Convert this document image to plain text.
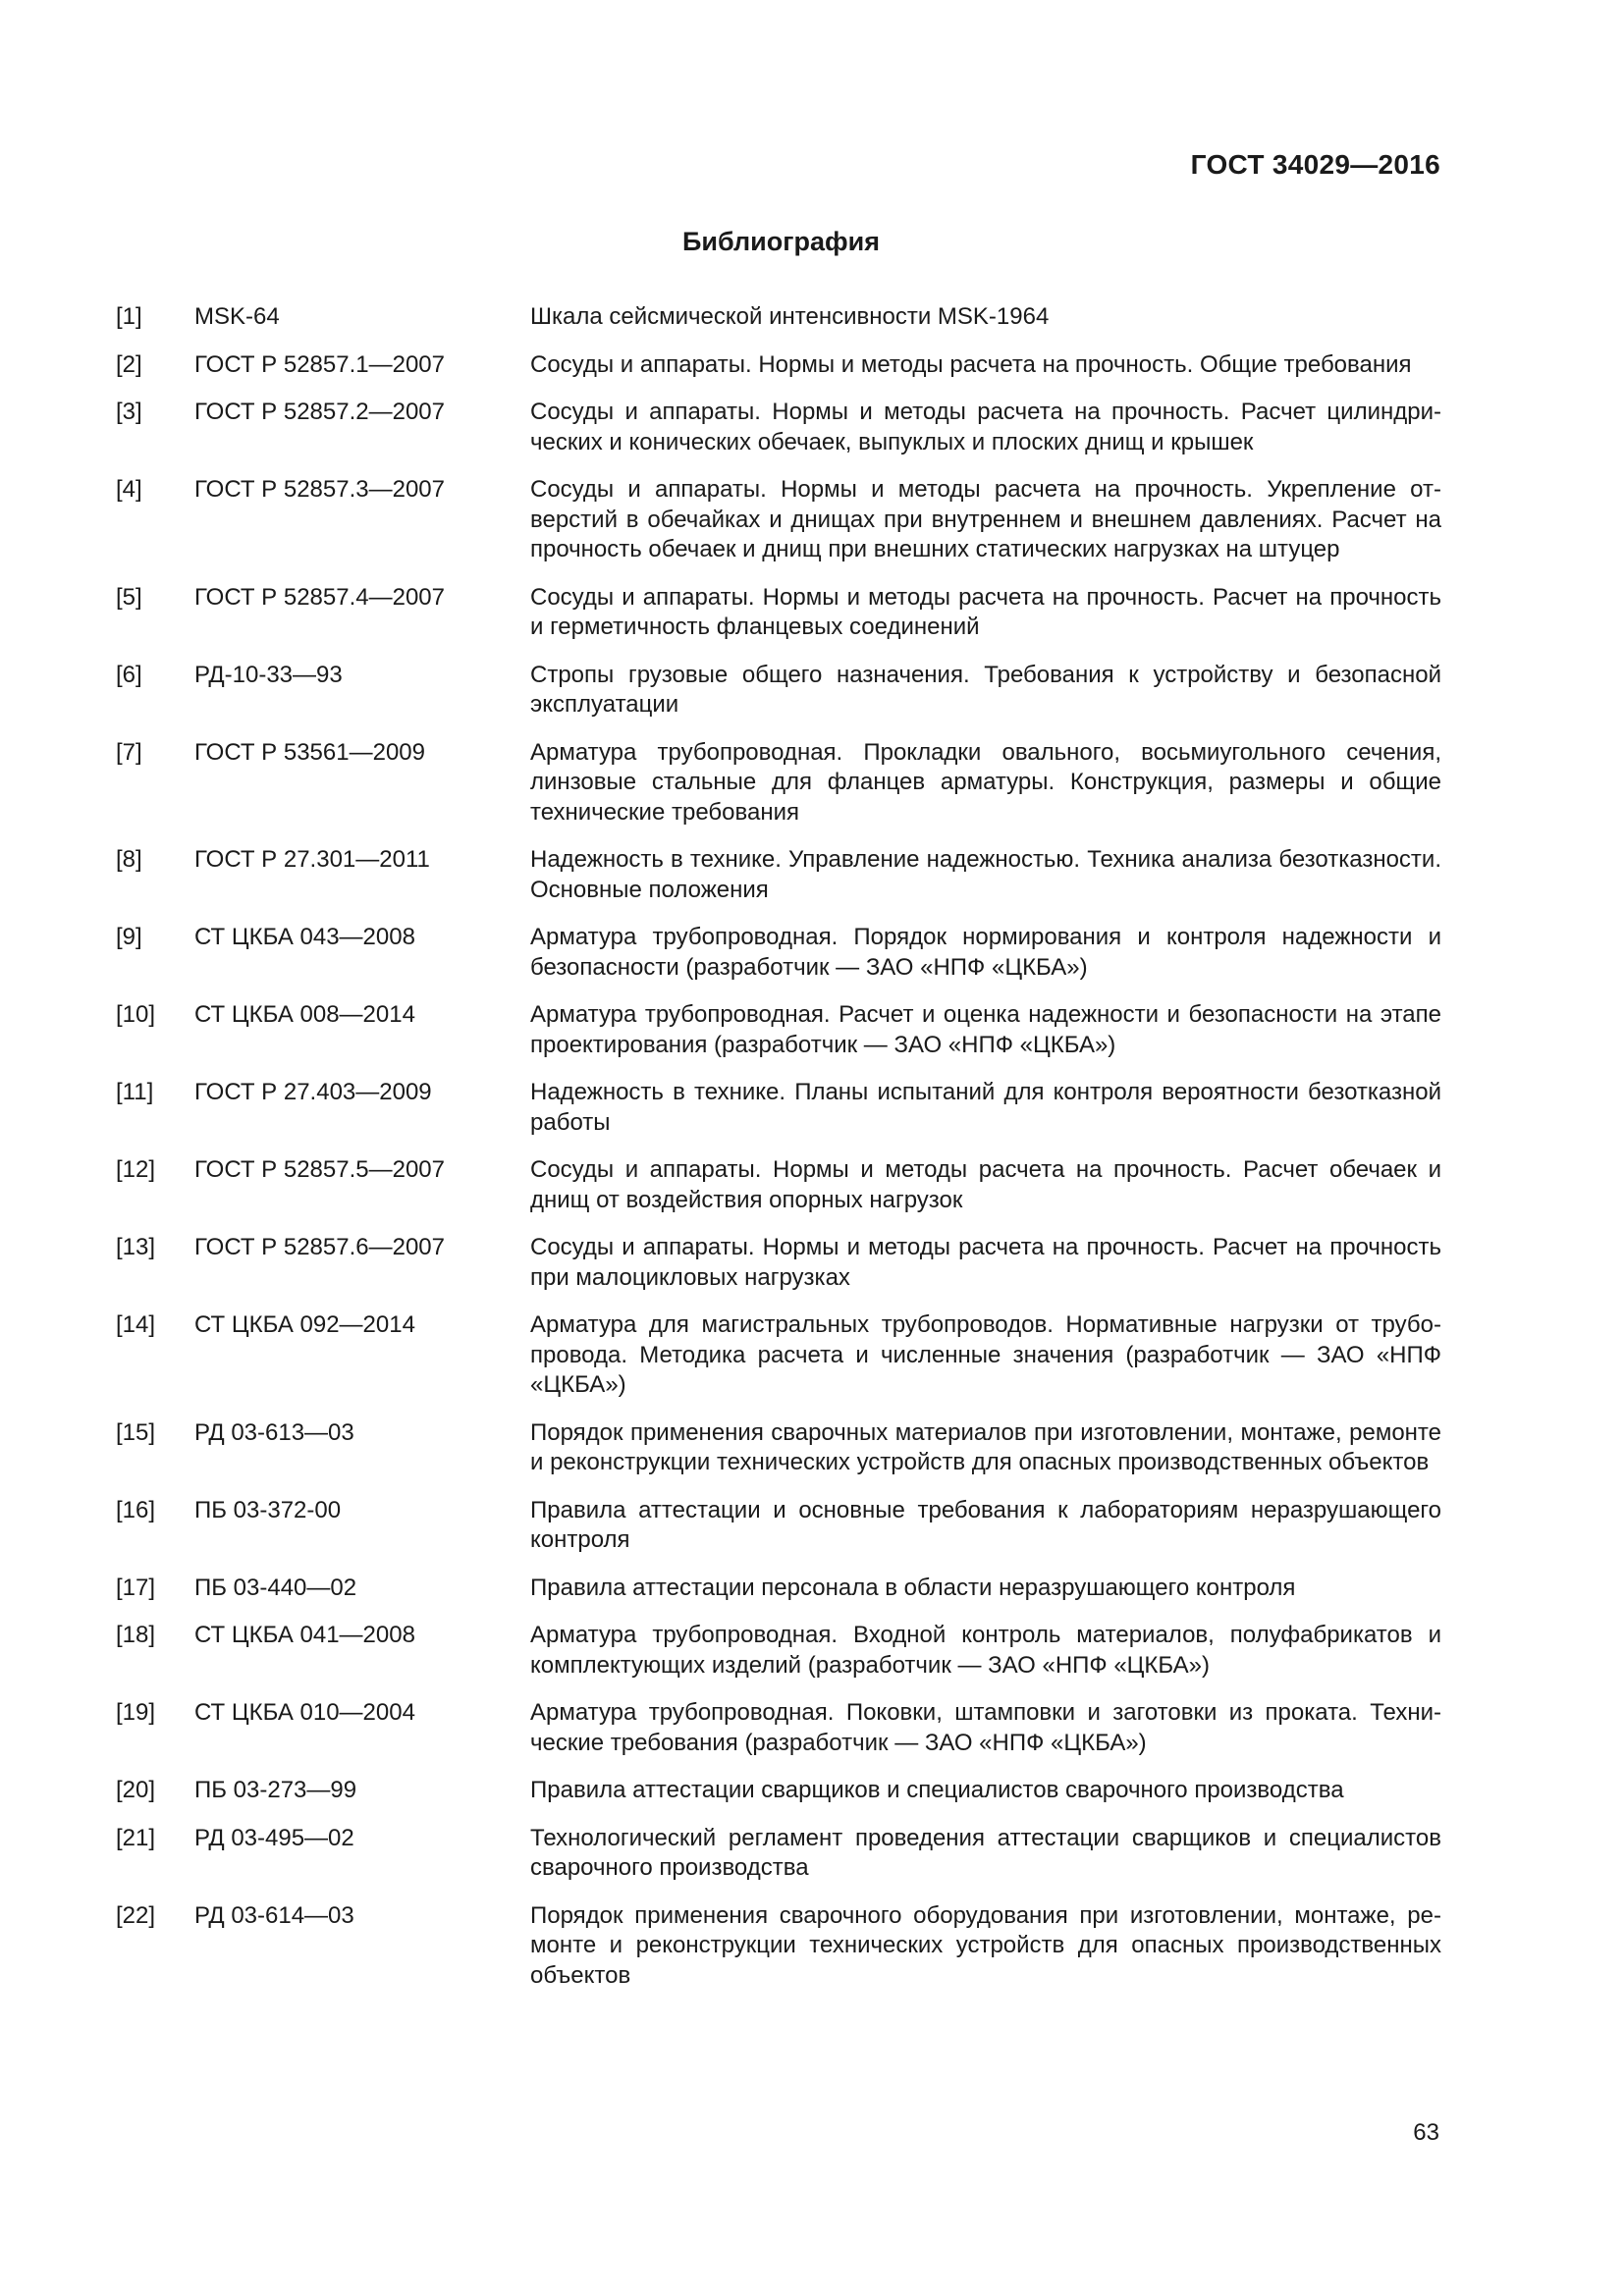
ГОСТ 34029—2016
Библиография
[1]	MSK-64	Шкала сейсмической интенсивности MSK-1964
[2]	ГОСТ Р 52857.1—2007	Сосуды и аппараты. Нормы и методы расчета на прочность. Общие требования
[3]	ГОСТ Р 52857.2—2007	Сосуды и аппараты. Нормы и методы расчета на прочность. Расчет цилиндрических и конических обечаек, выпуклых и плоских днищ и крышек
[4]	ГОСТ Р 52857.3—2007	Сосуды и аппараты. Нормы и методы расчета на прочность. Укрепление отверстий в обечайках и днищах при внутреннем и внешнем давлениях. Расчет на прочность обечаек и днищ при внешних статических нагрузках на штуцер
[5]	ГОСТ Р 52857.4—2007	Сосуды и аппараты. Нормы и методы расчета на прочность. Расчет на прочность и герметичность фланцевых соединений
[6]	РД-10-33—93	Стропы грузовые общего назначения. Требования к устройству и безопасной эксплуатации
[7]	ГОСТ Р 53561—2009	Арматура трубопроводная. Прокладки овального, восьмиугольного сечения, линзовые стальные для фланцев арматуры. Конструкция, размеры и общие технические требования
[8]	ГОСТ Р 27.301—2011	Надежность в технике. Управление надежностью. Техника анализа безотказности. Основные положения
[9]	СТ ЦКБА 043—2008	Арматура трубопроводная. Порядок нормирования и контроля надежности и безопасности (разработчик — ЗАО «НПФ «ЦКБА»)
[10]	СТ ЦКБА 008—2014	Арматура трубопроводная. Расчет и оценка надежности и безопасности на этапе проектирования (разработчик — ЗАО «НПФ «ЦКБА»)
[11]	ГОСТ Р 27.403—2009	Надежность в технике. Планы испытаний для контроля вероятности безотказной работы
[12]	ГОСТ Р 52857.5—2007	Сосуды и аппараты. Нормы и методы расчета на прочность. Расчет обечаек и днищ от воздействия опорных нагрузок
[13]	ГОСТ Р 52857.6—2007	Сосуды и аппараты. Нормы и методы расчета на прочность. Расчет на прочность при малоцикловых нагрузках
[14]	СТ ЦКБА 092—2014	Арматура для магистральных трубопроводов. Нормативные нагрузки от трубопровода. Методика расчета и численные значения (разработчик — ЗАО «НПФ «ЦКБА»)
[15]	РД 03-613—03	Порядок применения сварочных материалов при изготовлении, монтаже, ремонте и реконструкции технических устройств для опасных производственных объектов
[16]	ПБ 03-372-00	Правила аттестации и основные требования к лабораториям неразрушающего контроля
[17]	ПБ 03-440—02	Правила аттестации персонала в области неразрушающего контроля
[18]	СТ ЦКБА 041—2008	Арматура трубопроводная. Входной контроль материалов, полуфабрикатов и комплектующих изделий (разработчик — ЗАО «НПФ «ЦКБА»)
[19]	СТ ЦКБА 010—2004	Арматура трубопроводная. Поковки, штамповки и заготовки из проката. Технические требования (разработчик — ЗАО «НПФ «ЦКБА»)
[20]	ПБ 03-273—99	Правила аттестации сварщиков и специалистов сварочного производства
[21]	РД 03-495—02	Технологический регламент проведения аттестации сварщиков и специалистов сварочного производства
[22]	РД 03-614—03	Порядок применения сварочного оборудования при изготовлении, монтаже, ремонте и реконструкции технических устройств для опасных производственных объектов
63
